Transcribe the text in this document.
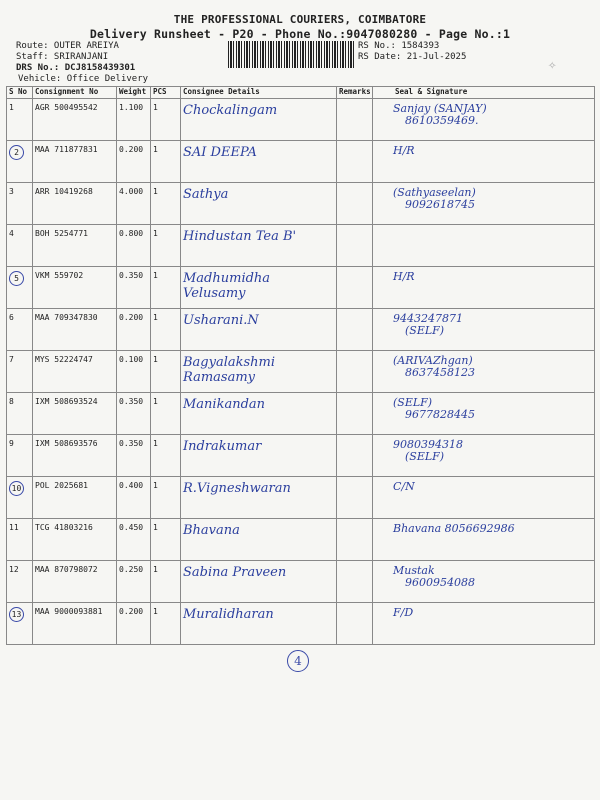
THE PROFESSIONAL COURIERS, COIMBATORE
Delivery Runsheet - P20 - Phone No.:9047080280 - Page No.:1
Route: OUTER AREIYA
Staff: SRIRANJANI
DRS No.: DCJ8158439301
Vehicle: Office Delivery
RS No.: 1584393
RS Date: 21-Jul-2025	✧
S No	Consignment No	Weight	PCS	Consignee Details	Remarks	Seal & Signature
1	AGR 500495542	1.100	1	Chockalingam		Sanjay (SANJAY)
8610359469.

2	MAA 711877831	0.200	1	SAI DEEPA		H/R

3	ARR 10419268	4.000	1	Sathya		(Sathyaseelan)
9092618745

4	BOH 5254771	0.800	1	Hindustan Tea B'		

5	VKM 559702	0.350	1	Madhumidha Velusamy		H/R

6	MAA 709347830	0.200	1	Usharani.N		9443247871
(SELF)

7	MYS 52224747	0.100	1	Bagyalakshmi Ramasamy		(ARIVAZhgan)
8637458123

8	IXM 508693524	0.350	1	Manikandan		(SELF)
9677828445

9	IXM 508693576	0.350	1	Indrakumar		9080394318
(SELF)

10	POL 2025681	0.400	1	R.Vigneshwaran		C/N

11	TCG 41803216	0.450	1	Bhavana		Bhavana 8056692986

12	MAA 870798072	0.250	1	Sabina Praveen		Mustak
9600954088

13	MAA 9000093881	0.200	1	Muralidharan		F/D
4
